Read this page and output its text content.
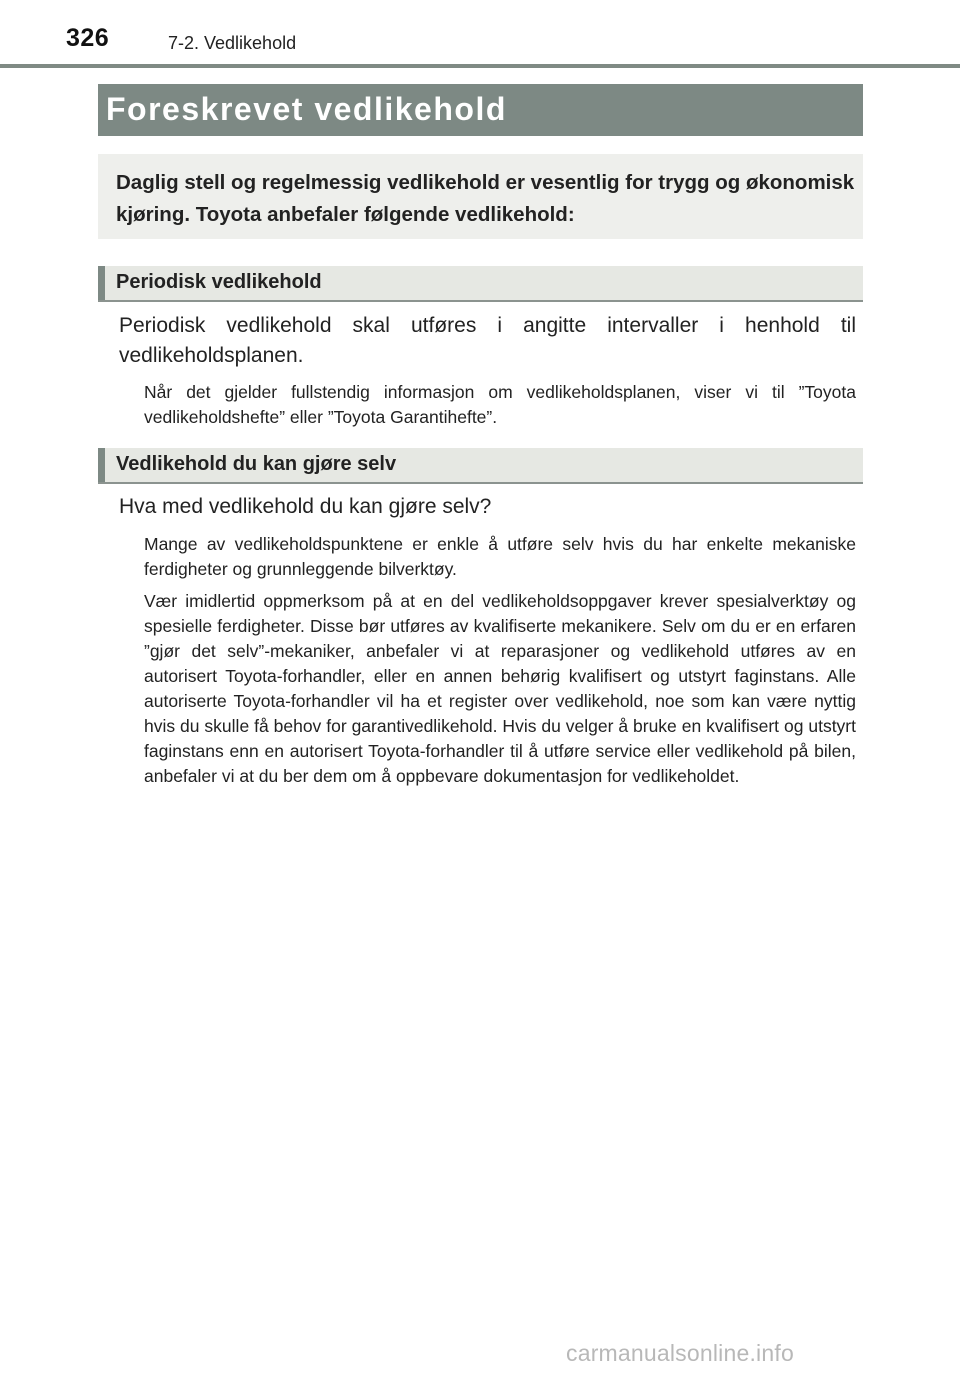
326	7-2. Vedlikehold
Foreskrevet vedlikehold
Daglig stell og regelmessig vedlikehold er vesentlig for trygg og økonomisk kjøring. Toyota anbefaler følgende vedlikehold:
Periodisk vedlikehold
Periodisk vedlikehold skal utføres i angitte intervaller i henhold til vedlikeholdsplanen.
Når det gjelder fullstendig informasjon om vedlikeholdsplanen, viser vi til ”Toyota vedlikeholdshefte” eller ”Toyota Garantihefte”.
Vedlikehold du kan gjøre selv
Hva med vedlikehold du kan gjøre selv?
Mange av vedlikeholdspunktene er enkle å utføre selv hvis du har enkelte mekaniske ferdigheter og grunnleggende bilverktøy.
Vær imidlertid oppmerksom på at en del vedlikeholdsoppgaver krever spesialverktøy og spesielle ferdigheter. Disse bør utføres av kvalifiserte mekanikere. Selv om du er en erfaren ”gjør det selv”-mekaniker, anbefaler vi at reparasjoner og vedlikehold utføres av en autorisert Toyota-forhandler, eller en annen behørig kvalifisert og utstyrt faginstans. Alle autoriserte Toyota-forhandler vil ha et register over vedlikehold, noe som kan være nyttig hvis du skulle få behov for garantivedlikehold. Hvis du velger å bruke en kvalifisert og utstyrt faginstans enn en autorisert Toyota-forhandler til å utføre service eller vedlikehold på bilen, anbefaler vi at du ber dem om å oppbevare dokumentasjon for vedlikeholdet.
carmanualsonline.info
